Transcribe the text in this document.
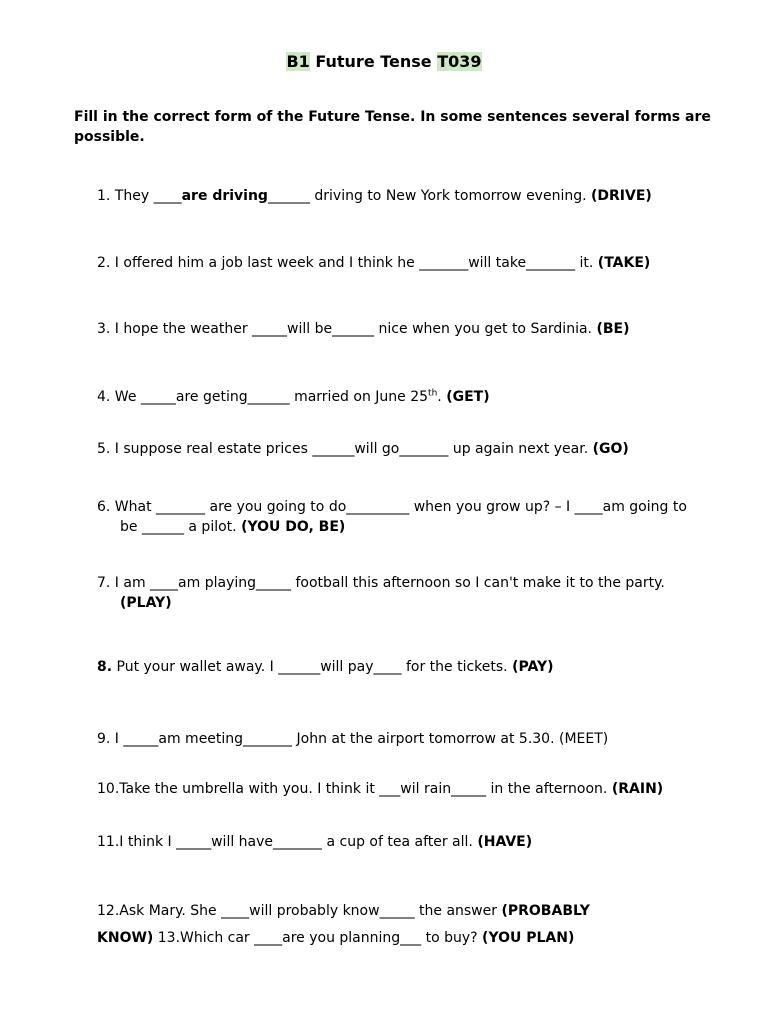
B1 Future Tense T039
Fill in the correct form of the Future Tense. In some sentences several forms are possible.
1. They ____are driving______ driving to New York tomorrow evening. (DRIVE)
2. I offered him a job last week and I think he _______will take_______ it. (TAKE)
3. I hope the weather _____will be______ nice when you get to Sardinia. (BE)
4. We _____are geting______ married on June 25th. (GET)
5. I suppose real estate prices ______will go_______ up again next year. (GO)
6. What _______ are you going to do_________ when you grow up? – I ____am going to
be ______ a pilot. (YOU DO, BE)
7. I am ____am playing_____ football this afternoon so I can't make it to the party.
(PLAY)
8. Put your wallet away. I ______will pay____ for the tickets. (PAY)
9. I _____am meeting_______ John at the airport tomorrow at 5.30. (MEET)
10.Take the umbrella with you. I think it ___wil rain_____ in the afternoon. (RAIN)
11.I think I _____will have_______ a cup of tea after all. (HAVE)
12.Ask Mary. She ____will probably know_____ the answer (PROBABLY
KNOW) 13.Which car ____are you planning___ to buy? (YOU PLAN)
